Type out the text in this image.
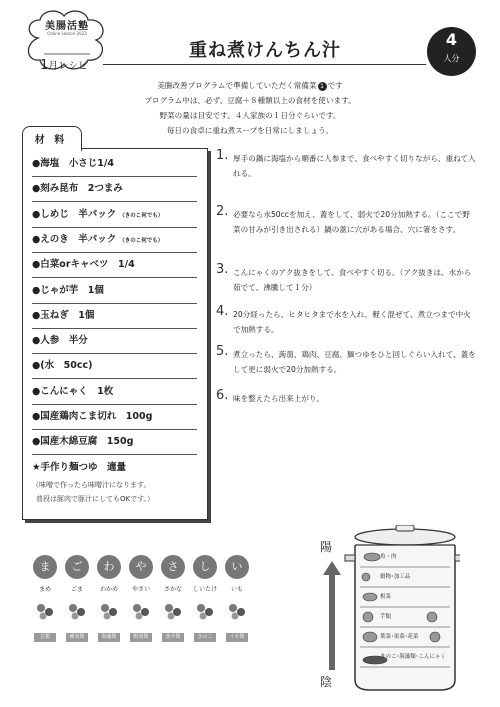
美腸活塾
Online Lesson 2023
1月レシピ
重ね煮けんちん汁
4
人分
美腸改善プログラムで準備していただく常備菜 1 です
プログラム中は、必ず、豆腐＋８種類以上の食材を使います。
野菜の量は目安です。４人家族の１日分ぐらいです。
毎日の食卓に重ね煮スープを日常にしましょう。
材 料
●海塩　小さじ1/4
●刻み昆布　2つまみ
●しめじ　半パック （きのこ何でも）
●えのき　半パック （きのこ何でも）
●白菜orキャベツ　1/4
●じゃが芋　1個
●玉ねぎ　1個
●人参　半分
●(水　50cc)
●こんにゃく　1枚
●国産鶏肉こま切れ　100g
●国産木綿豆腐　150g
★手作り麺つゆ　適量
（味噌で作ったら味噌汁になります。
普段は豚肉で豚汁にしてもOKです。）
1. 厚手の鍋に海塩から順番に人参まで、食べやすく切りながら、重ねて入れる。
2. 必要なら水50ccを加え、蓋をして、弱火で20分加熱する。（ここで野菜の甘みが引き出される）鍋の蓋に穴がある場合、穴に箸をさす。
3. こんにゃくのアク抜きをして、食べやすく切る。（アク抜きは、水から茹でて、沸騰して１分）
4. 20分経ったら、ヒタヒタまで水を入れ、軽く混ぜて、煮立つまで中火で加熱する。
5. 煮立ったら、蒟蒻、鶏肉、豆腐、麺つゆをひと回しぐらい入れて、蓋をして更に弱火で20分加熱する。
6. 味を整えたら出来上がり。
陽
陰
魚・肉
穀物･加工品
根菜
芋類
葉菜･果菜･花菜
きのこ･海藻類･こんにゃく
ま
まめ
豆類
ご
ごま
種実類
わ
わかめ
海藻類
や
やさい
野菜類
さ
さかな
魚介類
し
しいたけ
きのこ
い
いも
イモ類
